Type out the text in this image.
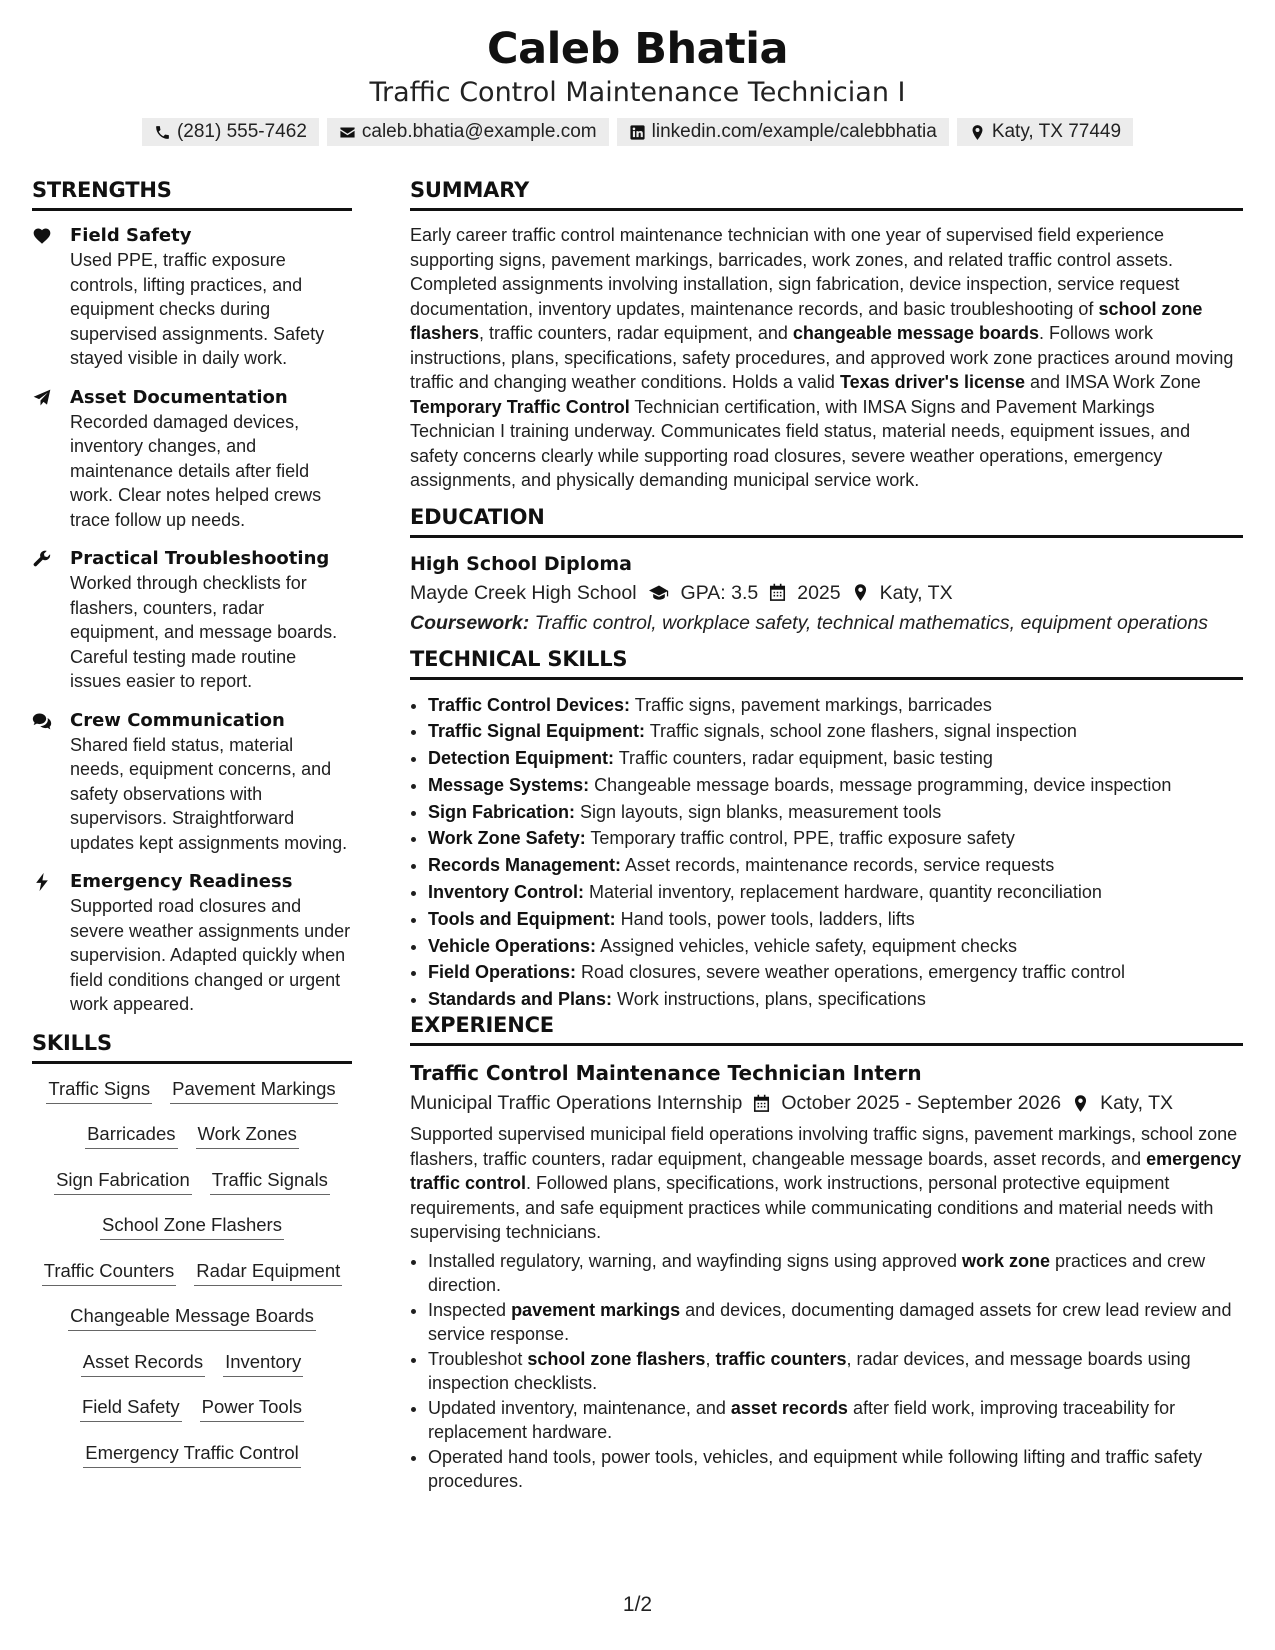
Caleb Bhatia
Traffic Control Maintenance Technician I
(281) 555-7462	caleb.bhatia@example.com	linkedin.com/example/calebbhatia	Katy, TX 77449
STRENGTHS
Field Safety
Used PPE, traffic exposure controls, lifting practices, and equipment checks during supervised assignments. Safety stayed visible in daily work.
Asset Documentation
Recorded damaged devices, inventory changes, and maintenance details after field work. Clear notes helped crews trace follow up needs.
Practical Troubleshooting
Worked through checklists for flashers, counters, radar equipment, and message boards. Careful testing made routine issues easier to report.
Crew Communication
Shared field status, material needs, equipment concerns, and safety observations with supervisors. Straightforward updates kept assignments moving.
Emergency Readiness
Supported road closures and severe weather assignments under supervision. Adapted quickly when field conditions changed or urgent work appeared.
SKILLS
Traffic Signs Pavement Markings
Barricades Work Zones
Sign Fabrication Traffic Signals
School Zone Flashers
Traffic Counters Radar Equipment
Changeable Message Boards
Asset Records Inventory
Field Safety Power Tools
Emergency Traffic Control
SUMMARY

Early career traffic control maintenance technician with one year of supervised field experience supporting signs, pavement markings, barricades, work zones, and related traffic control assets. Completed assignments involving installation, sign fabrication, device inspection, service request documentation, inventory updates, maintenance records, and basic troubleshooting of school zone flashers, traffic counters, radar equipment, and changeable message boards. Follows work instructions, plans, specifications, safety procedures, and approved work zone practices around moving traffic and changing weather conditions. Holds a valid Texas driver's license and IMSA Work Zone Temporary Traffic Control Technician certification, with IMSA Signs and Pavement Markings Technician I training underway. Communicates field status, material needs, equipment issues, and safety concerns clearly while supporting road closures, severe weather operations, emergency assignments, and physically demanding municipal service work.

EDUCATION
High School Diploma
Mayde Creek High School GPA: 3.5 2025 Katy, TX
Coursework: Traffic control, workplace safety, technical mathematics, equipment operations
TECHNICAL SKILLS
• Traffic Control Devices: Traffic signs, pavement markings, barricades
• Traffic Signal Equipment: Traffic signals, school zone flashers, signal inspection
• Detection Equipment: Traffic counters, radar equipment, basic testing
• Message Systems: Changeable message boards, message programming, device inspection
• Sign Fabrication: Sign layouts, sign blanks, measurement tools
• Work Zone Safety: Temporary traffic control, PPE, traffic exposure safety
• Records Management: Asset records, maintenance records, service requests
• Inventory Control: Material inventory, replacement hardware, quantity reconciliation
• Tools and Equipment: Hand tools, power tools, ladders, lifts
• Vehicle Operations: Assigned vehicles, vehicle safety, equipment checks
• Field Operations: Road closures, severe weather operations, emergency traffic control
• Standards and Plans: Work instructions, plans, specifications
EXPERIENCE
Traffic Control Maintenance Technician Intern
Municipal Traffic Operations Internship October 2025 - September 2026 Katy, TX

Supported supervised municipal field operations involving traffic signs, pavement markings, school zone flashers, traffic counters, radar equipment, changeable message boards, asset records, and emergency traffic control. Followed plans, specifications, work instructions, personal protective equipment requirements, and safe equipment practices while communicating conditions and material needs with supervising technicians.

• Installed regulatory, warning, and wayfinding signs using approved work zone practices and crew direction.
• Inspected pavement markings and devices, documenting damaged assets for crew lead review and service response.
• Troubleshot school zone flashers, traffic counters, radar devices, and message boards using inspection checklists.
• Updated inventory, maintenance, and asset records after field work, improving traceability for replacement hardware.
• Operated hand tools, power tools, vehicles, and equipment while following lifting and traffic safety procedures.
1/2
